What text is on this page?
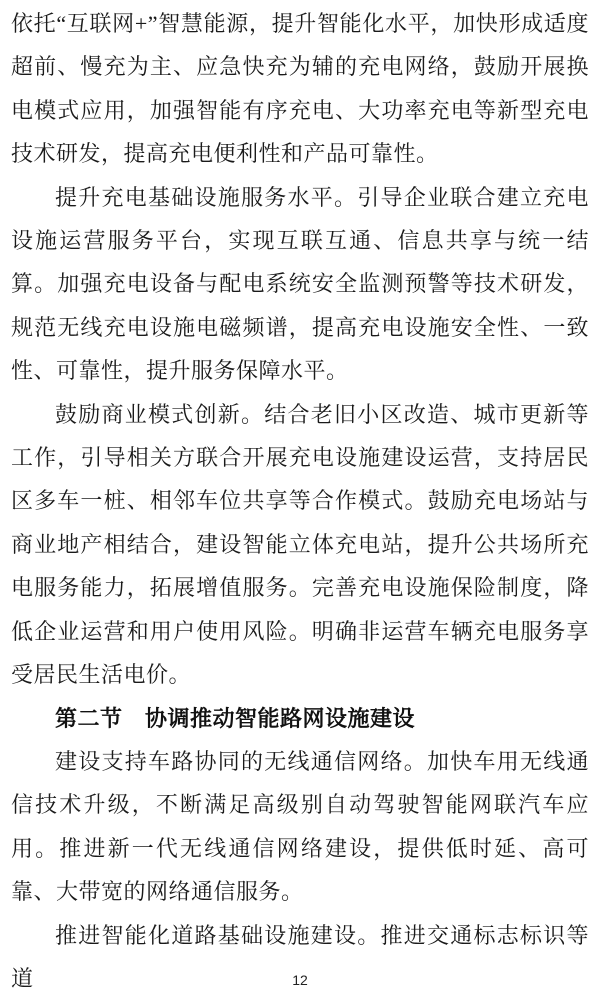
依托“互联网+”智慧能源，提升智能化水平，加快形成适度超前、慢充为主、应急快充为辅的充电网络，鼓励开展换电模式应用，加强智能有序充电、大功率充电等新型充电技术研发，提高充电便利性和产品可靠性。

提升充电基础设施服务水平。引导企业联合建立充电设施运营服务平台，实现互联互通、信息共享与统一结算。加强充电设备与配电系统安全监测预警等技术研发，规范无线充电设施电磁频谱，提高充电设施安全性、一致性、可靠性，提升服务保障水平。

鼓励商业模式创新。结合老旧小区改造、城市更新等工作，引导相关方联合开展充电设施建设运营，支持居民区多车一桩、相邻车位共享等合作模式。鼓励充电场站与商业地产相结合，建设智能立体充电站，提升公共场所充电服务能力，拓展增值服务。完善充电设施保险制度，降低企业运营和用户使用风险。明确非运营车辆充电服务享受居民生活电价。

第二节　协调推动智能路网设施建设

建设支持车路协同的无线通信网络。加快车用无线通信技术升级，不断满足高级别自动驾驶智能网联汽车应用。推进新一代无线通信网络建设，提供低时延、高可靠、大带宽的网络通信服务。

推进智能化道路基础设施建设。推进交通标志标识等道	12
